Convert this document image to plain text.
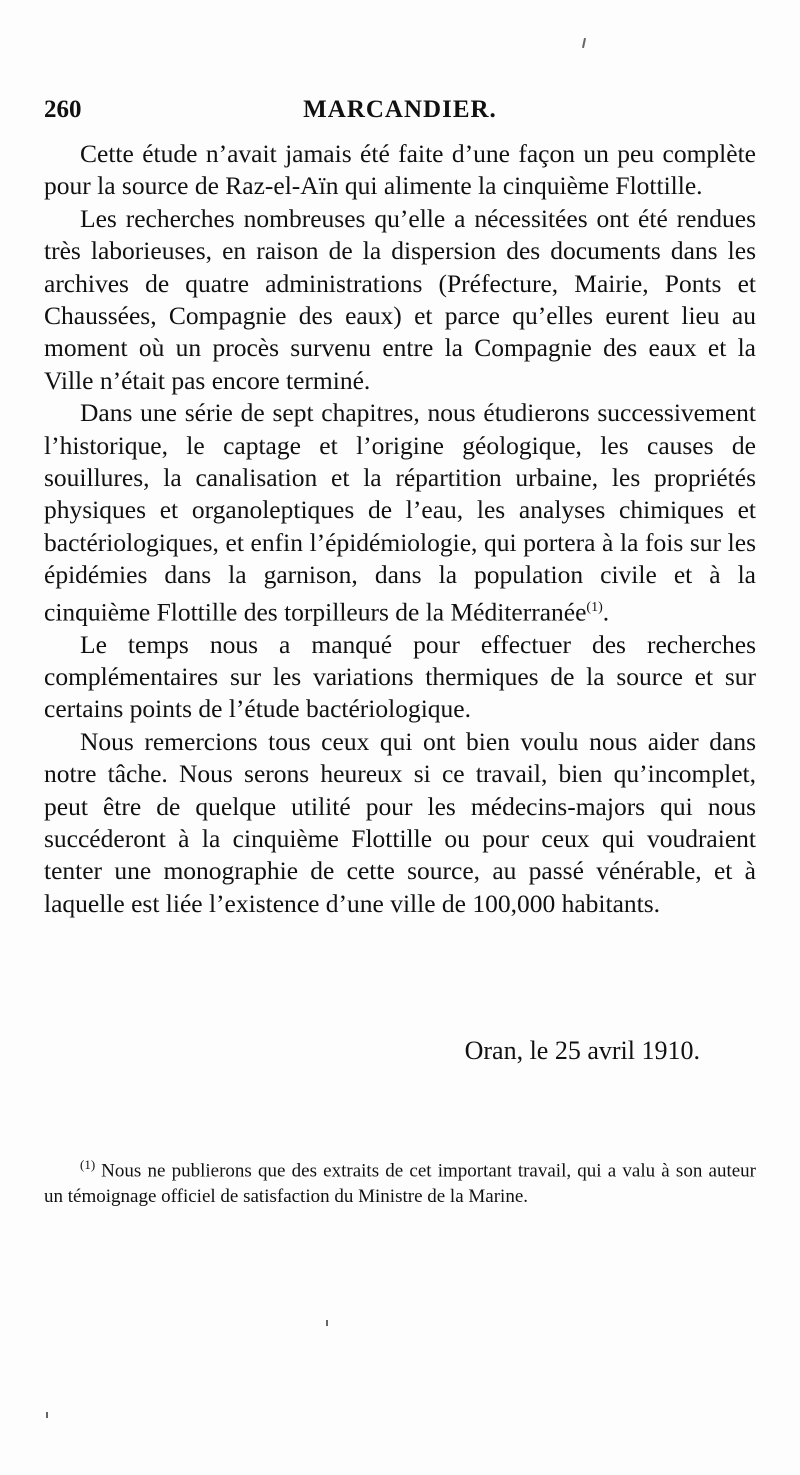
260	MARCANDIER.

Cette étude n’avait jamais été faite d’une façon un peu complète pour la source de Raz-el-Aïn qui alimente la cinquième Flottille.

Les recherches nombreuses qu’elle a nécessitées ont été rendues très laborieuses, en raison de la dispersion des documents dans les archives de quatre administrations (Préfecture, Mairie, Ponts et Chaussées, Compagnie des eaux) et parce qu’elles eurent lieu au moment où un procès survenu entre la Compagnie des eaux et la Ville n’était pas encore terminé.

Dans une série de sept chapitres, nous étudierons successivement l’historique, le captage et l’origine géologique, les causes de souillures, la canalisation et la répartition urbaine, les propriétés physiques et organoleptiques de l’eau, les analyses chimiques et bactériologiques, et enfin l’épidémiologie, qui portera à la fois sur les épidémies dans la garnison, dans la population civile et à la cinquième Flottille des torpilleurs de la Méditerranée$^{(1)}$.

Le temps nous a manqué pour effectuer des recherches complémentaires sur les variations thermiques de la source et sur certains points de l’étude bactériologique.

Nous remercions tous ceux qui ont bien voulu nous aider dans notre tâche. Nous serons heureux si ce travail, bien qu’incomplet, peut être de quelque utilité pour les médecins-majors qui nous succéderont à la cinquième Flottille ou pour ceux qui voudraient tenter une monographie de cette source, au passé vénérable, et à laquelle est liée l’existence d’une ville de 100,000 habitants.

Oran, le 25 avril 1910.
$^{(1)}$ Nous ne publierons que des extraits de cet important travail, qui a valu à son auteur un témoignage officiel de satisfaction du Ministre de la Marine.
